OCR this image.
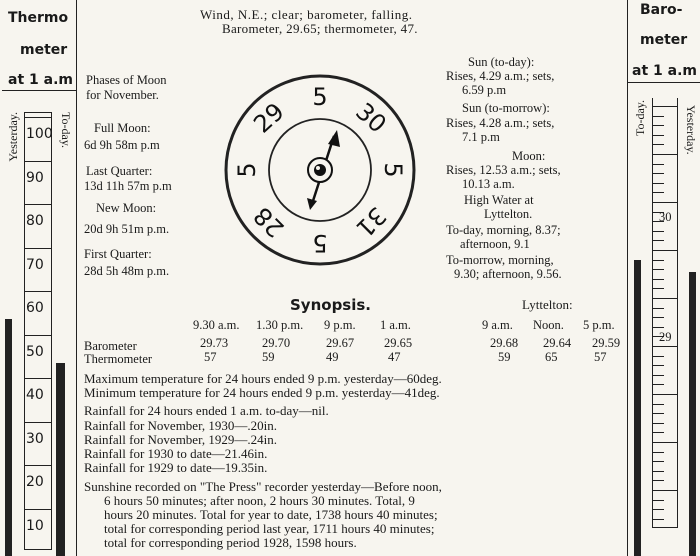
Thermo
meter
at 1 a.m
Yesterday.	To-day.
100
90
80
70
60
50
40
30
20
10
Baro-
meter
at 1 a.m
To-day.	Yesterday.
30
29
Wind, N.E.; clear; barometer, falling.
Barometer, 29.65; thermometer, 47.
Phases of Moon
for November.
Full Moon:
6d 9h 58m p.m
Last Quarter:
13d 11h 57m p.m
New Moon:
20d 9h 51m p.m.
First Quarter:
28d 5h 48m p.m.
5
30
5
31
5
28
5
29
Sun (to-day):
Rises, 4.29 a.m.; sets,
6.59 p.m
Sun (to-morrow):
Rises, 4.28 a.m.; sets,
7.1 p.m
Moon:
Rises, 12.53 a.m.; sets,
10.13 a.m.
High Water at
Lyttelton.
To-day, morning, 8.37;
afternoon, 9.1
To-morrow, morning,
9.30; afternoon, 9.56.
Synopsis.	Lyttelton:
9.30 a.m. 1.30 p.m. 9 p.m. 1 a.m.	9 a.m. Noon. 5 p.m.
Barometer
Thermometer
29.73	29.70	29.67 29.65	29.68 29.64 29.59
57	59	49	47	59	65	57
Maximum temperature for 24 hours ended 9 p.m. yesterday—60deg.
Minimum temperature for 24 hours ended 9 p.m. yesterday—41deg.
Rainfall for 24 hours ended 1 a.m. to-day—nil.
Rainfall for November, 1930—.20in.
Rainfall for November, 1929—.24in.
Rainfall for 1930 to date—21.46in.
Rainfall for 1929 to date—19.35in.
Sunshine recorded on "The Press" recorder yesterday—Before noon,
6 hours 50 minutes; after noon, 2 hours 30 minutes. Total, 9
hours 20 minutes. Total for year to date, 1738 hours 40 minutes;
total for corresponding period last year, 1711 hours 40 minutes;
total for corresponding period 1928, 1598 hours.
